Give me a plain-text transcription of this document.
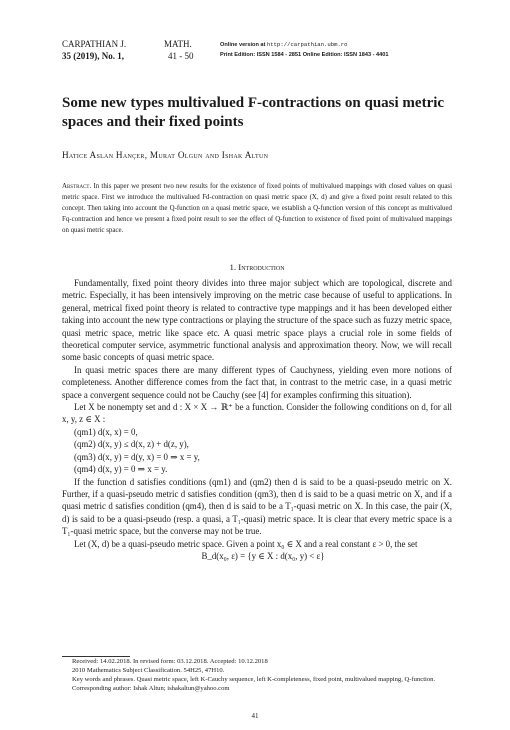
CARPATHIAN J.
35 (2019), No. 1,
MATH.
41 - 50
Online version at http://carpathian.ubm.ro
Print Edition: ISSN 1584 - 2851 Online Edition: ISSN 1843 - 4401
Some new types multivalued F-contractions on quasi metric spaces and their fixed points
Hatice Aslan Hançer, Murat Olgun and Ishak Altun
Abstract. In this paper we present two new results for the existence of fixed points of multivalued mappings with closed values on quasi metric space. First we introduce the multivalued Fd-contraction on quasi metric space (X, d) and give a fixed point result related to this concept. Then taking into account the Q-function on a quasi metric space, we establish a Q-function version of this concept as multivalued Fq-contraction and hence we present a fixed point result to see the effect of Q-function to existence of fixed point of multivalued mappings on quasi metric space.
1. Introduction

Fundamentally, fixed point theory divides into three major subject which are topological, discrete and metric. Especially, it has been intensively improving on the metric case because of useful to applications. In general, metrical fixed point theory is related to contractive type mappings and it has been developed either taking into account the new type contractions or playing the structure of the space such as fuzzy metric space, quasi metric space, metric like space etc. A quasi metric space plays a crucial role in some fields of theoretical computer service, asymmetric functional analysis and approximation theory. Now, we will recall some basic concepts of quasi metric space.

In quasi metric spaces there are many different types of Cauchyness, yielding even more notions of completeness. Another difference comes from the fact that, in contrast to the metric case, in a quasi metric space a convergent sequence could not be Cauchy (see [4] for examples confirming this situation).

Let X be nonempty set and d : X × X → ℝ⁺ be a function. Consider the following conditions on d, for all x, y, z ∈ X :

(qm1) d(x, x) = 0,

(qm2) d(x, y) ≤ d(x, z) + d(z, y),

(qm3) d(x, y) = d(y, x) = 0 ⇒ x = y,

(qm4) d(x, y) = 0 ⇒ x = y.

If the function d satisfies conditions (qm1) and (qm2) then d is said to be a quasi-pseudo metric on X. Further, if a quasi-pseudo metric d satisfies condition (qm3), then d is said to be a quasi metric on X, and if a quasi metric d satisfies condition (qm4), then d is said to be a T₁-quasi metric on X. In this case, the pair (X, d) is said to be a quasi-pseudo (resp. a quasi, a T₁-quasi) metric space. It is clear that every metric space is a T₁-quasi metric space, but the converse may not be true.

Let (X, d) be a quasi-pseudo metric space. Given a point x₀ ∈ X and a real constant ε > 0, the set

B_d(x₀, ε) = {y ∈ X : d(x₀, y) < ε}

Received: 14.02.2018. In revised form: 03.12.2018. Accepted: 10.12.2018

2010 Mathematics Subject Classification. 54H25, 47H10.

Key words and phrases. Quasi metric space, left K-Cauchy sequence, left K-completeness, fixed point, multivalued mapping, Q-function.

Corresponding author: Ishak Altun; ishakaltun@yahoo.com

41
